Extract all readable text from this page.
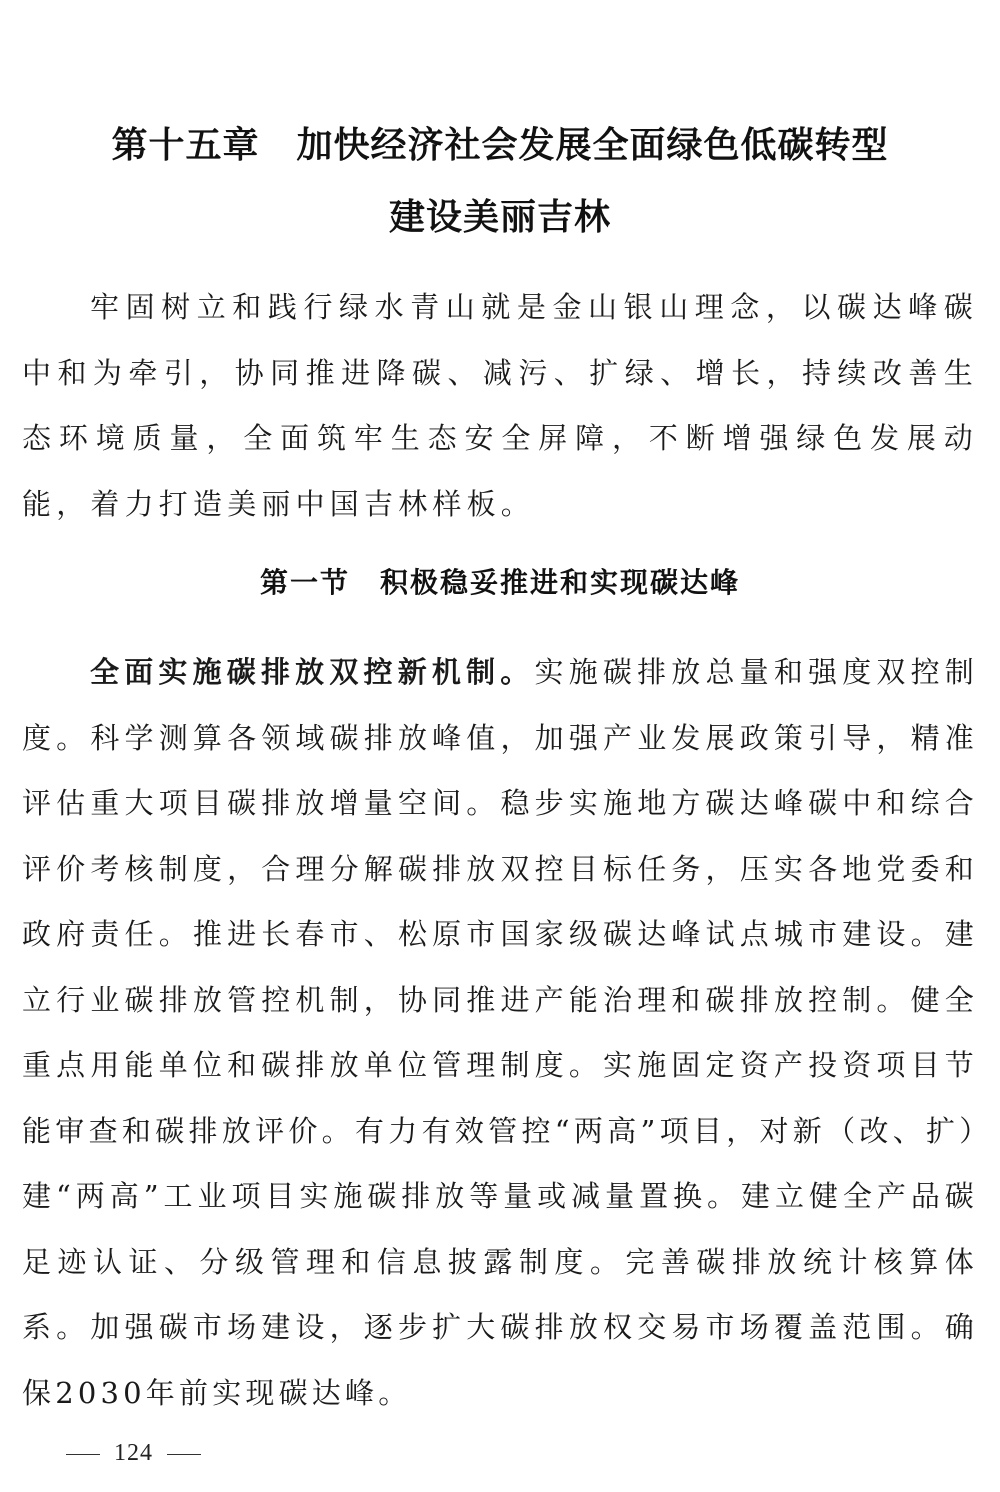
第十五章　加快经济社会发展全面绿色低碳转型
建设美丽吉林

牢固树立和践行绿水青山就是金山银山理念，以碳达峰碳中和为牵引，协同推进降碳、减污、扩绿、增长，持续改善生态环境质量，全面筑牢生态安全屏障，不断增强绿色发展动能，着力打造美丽中国吉林样板。

第一节　积极稳妥推进和实现碳达峰

全面实施碳排放双控新机制。实施碳排放总量和强度双控制度。科学测算各领域碳排放峰值，加强产业发展政策引导，精准评估重大项目碳排放增量空间。稳步实施地方碳达峰碳中和综合评价考核制度，合理分解碳排放双控目标任务，压实各地党委和政府责任。推进长春市、松原市国家级碳达峰试点城市建设。建立行业碳排放管控机制，协同推进产能治理和碳排放控制。健全重点用能单位和碳排放单位管理制度。实施固定资产投资项目节能审查和碳排放评价。有力有效管控“两高”项目，对新（改、扩）建“两高”工业项目实施碳排放等量或减量置换。建立健全产品碳足迹认证、分级管理和信息披露制度。完善碳排放统计核算体系。加强碳市场建设，逐步扩大碳排放权交易市场覆盖范围。确保2030年前实现碳达峰。

124
